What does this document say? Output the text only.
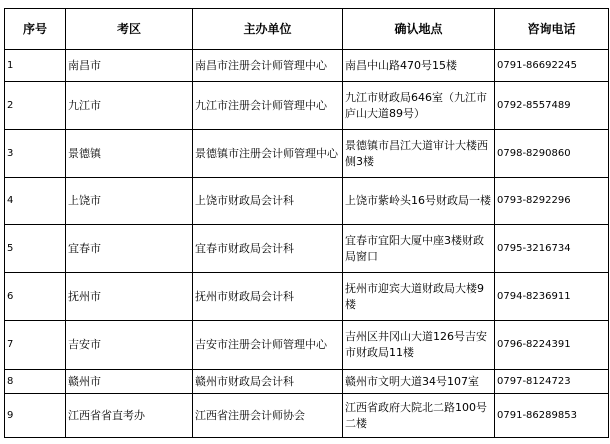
序号	考区	主办单位	确认地点	咨询电话
1	南昌市	南昌市注册会计师管理中心	南昌中山路470号15楼	0791-86692245
2	九江市	九江市注册会计师管理中心	九江市财政局646室（九江市庐山大道89号）	0792-8557489
3	景德镇	景德镇市注册会计师管理中心	景德镇市昌江大道审计大楼西侧3楼	0798-8290860
4	上饶市	上饶市财政局会计科	上饶市紫岭头16号财政局一楼	0793-8292296
5	宜春市	宜春市财政局会计科	宜春市宜阳大厦中座3楼财政局窗口	0795-3216734
6	抚州市	抚州市财政局会计科	抚州市迎宾大道财政局大楼9楼	0794-8236911
7	吉安市	吉安市注册会计师管理中心	吉州区井冈山大道126号吉安市财政局11楼	0796-8224391
8	赣州市	赣州市财政局会计科	赣州市文明大道34号107室	0797-8124723
9	江西省省直考办	江西省注册会计师协会	江西省政府大院北二路100号二楼	0791-86289853
